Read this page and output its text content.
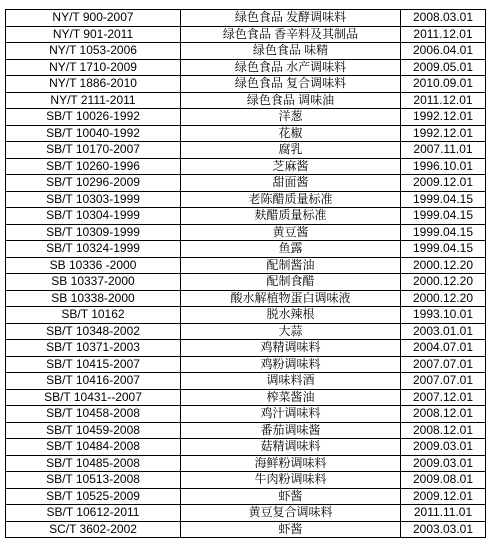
NY/T 900-2007	绿色食品 发酵调味料	2008.03.01
NY/T 901-2011	绿色食品 香辛料及其制品	2011.12.01
NY/T 1053-2006	绿色食品 味精	2006.04.01
NY/T 1710-2009	绿色食品 水产调味料	2009.05.01
NY/T 1886-2010	绿色食品 复合调味料	2010.09.01
NY/T 2111-2011	绿色食品 调味油	2011.12.01
SB/T 10026-1992	洋葱	1992.12.01
SB/T 10040-1992	花椒	1992.12.01
SB/T 10170-2007	腐乳	2007.11.01
SB/T 10260-1996	芝麻酱	1996.10.01
SB/T 10296-2009	甜面酱	2009.12.01
SB/T 10303-1999	老陈醋质量标准	1999.04.15
SB/T 10304-1999	麸醋质量标准	1999.04.15
SB/T 10309-1999	黄豆酱	1999.04.15
SB/T 10324-1999	鱼露	1999.04.15
SB 10336 -2000	配制酱油	2000.12.20
SB 10337-2000	配制食醋	2000.12.20
SB 10338-2000	酸水解植物蛋白调味液	2000.12.20
SB/T 10162	脱水辣根	1993.10.01
SB/T 10348-2002	大蒜	2003.01.01
SB/T 10371-2003	鸡精调味料	2004.07.01
SB/T 10415-2007	鸡粉调味料	2007.07.01
SB/T 10416-2007	调味料酒	2007.07.01
SB/T 10431--2007	榨菜酱油	2007.12.01
SB/T 10458-2008	鸡汁调味料	2008.12.01
SB/T 10459-2008	番茄调味酱	2008.12.01
SB/T 10484-2008	菇精调味料	2009.03.01
SB/T 10485-2008	海鲜粉调味料	2009.03.01
SB/T 10513-2008	牛肉粉调味料	2009.08.01
SB/T 10525-2009	虾酱	2009.12.01
SB/T 10612-2011	黄豆复合调味料	2011.11.01
SC/T 3602-2002	虾酱	2003.03.01
